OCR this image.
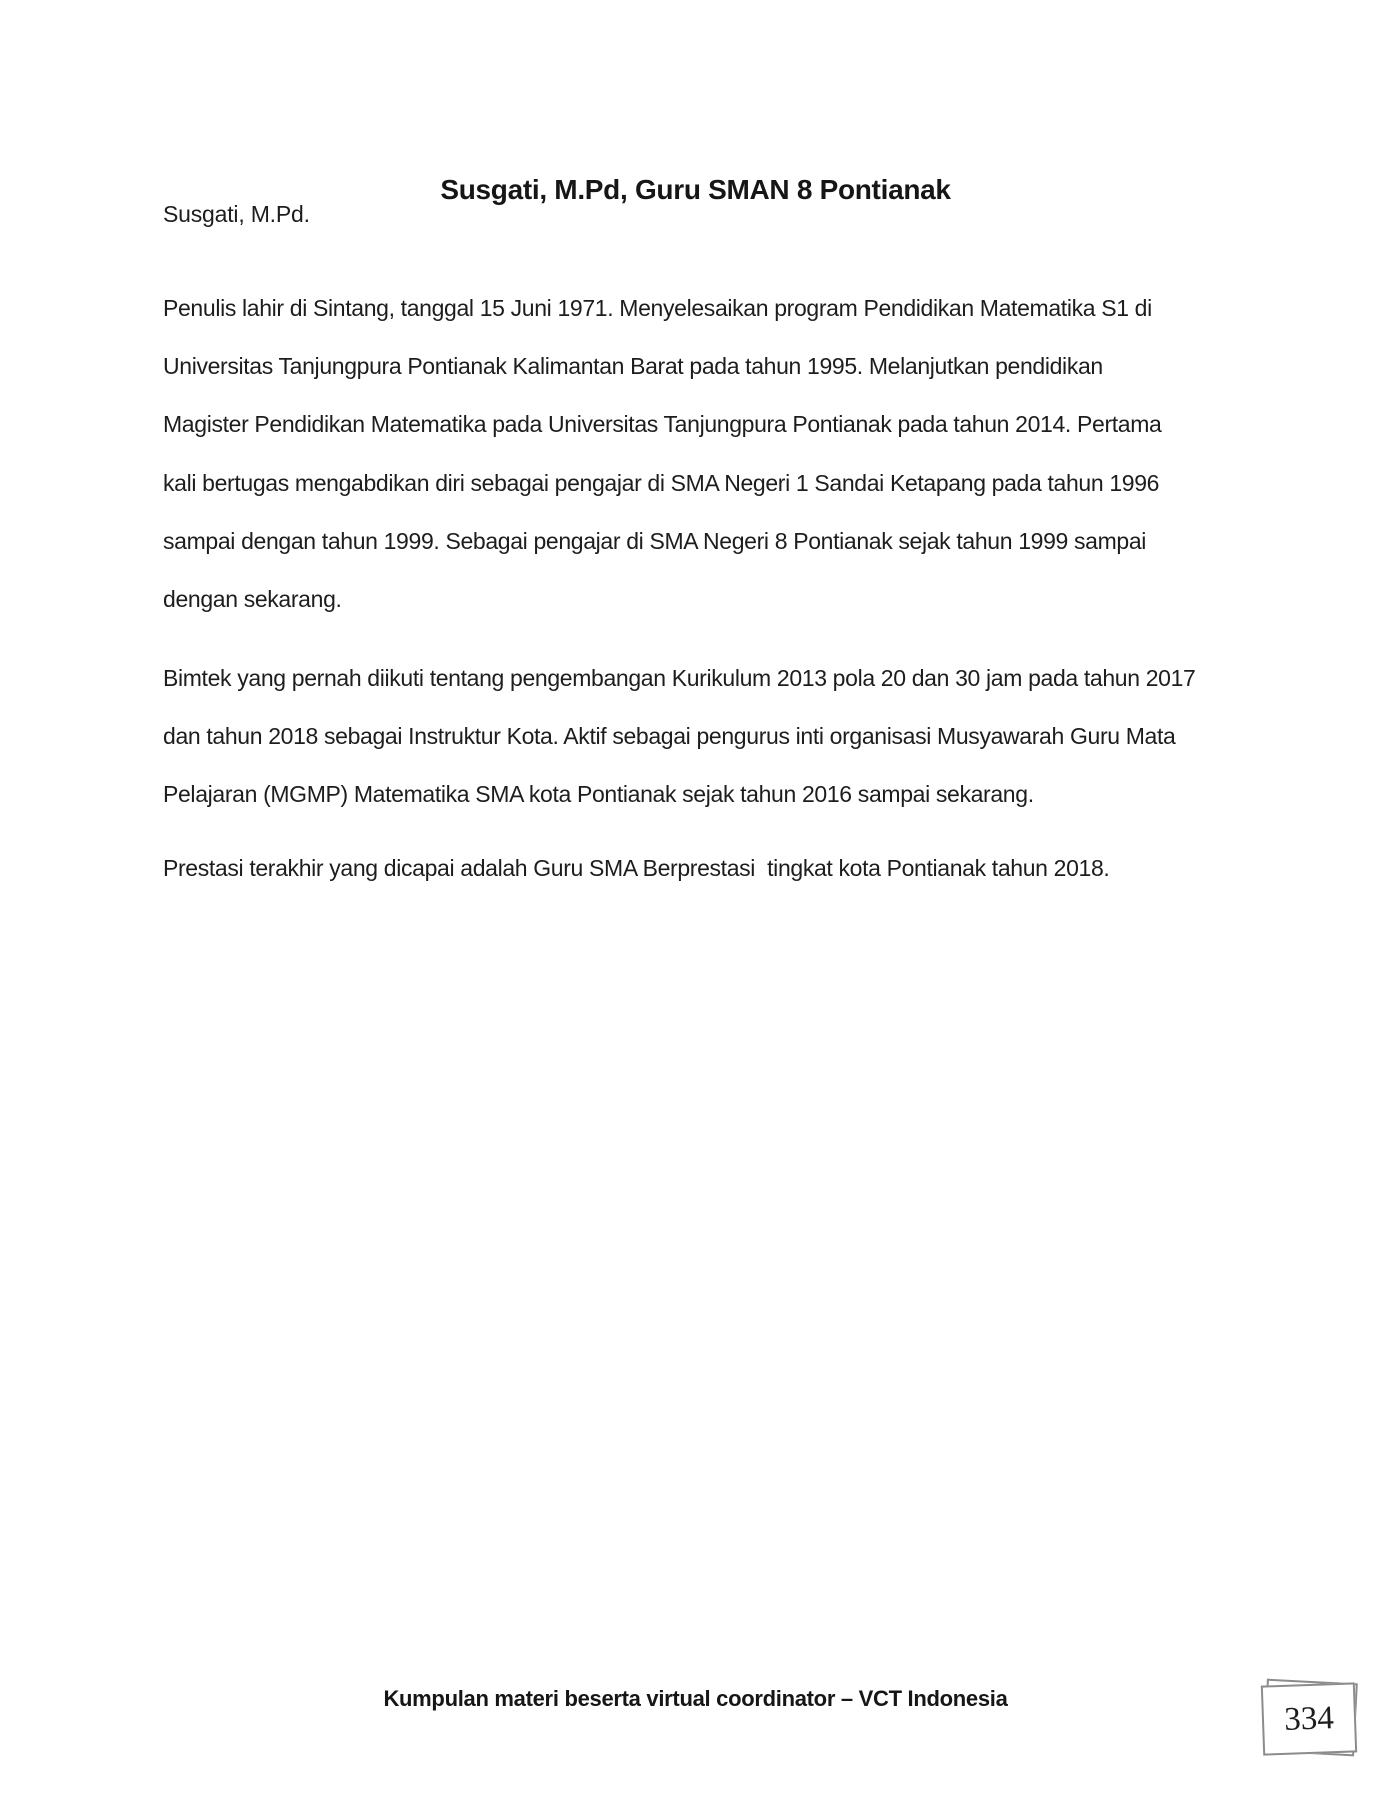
Susgati, M.Pd, Guru SMAN 8 Pontianak
Susgati, M.Pd.
Penulis lahir di Sintang, tanggal 15 Juni 1971. Menyelesaikan program Pendidikan Matematika S1 di
Universitas Tanjungpura Pontianak Kalimantan Barat pada tahun 1995. Melanjutkan pendidikan
Magister Pendidikan Matematika pada Universitas Tanjungpura Pontianak pada tahun 2014. Pertama
kali bertugas mengabdikan diri sebagai pengajar di SMA Negeri 1 Sandai Ketapang pada tahun 1996
sampai dengan tahun 1999. Sebagai pengajar di SMA Negeri 8 Pontianak sejak tahun 1999 sampai
dengan sekarang.
Bimtek yang pernah diikuti tentang pengembangan Kurikulum 2013 pola 20 dan 30 jam pada tahun 2017
dan tahun 2018 sebagai Instruktur Kota. Aktif sebagai pengurus inti organisasi Musyawarah Guru Mata
Pelajaran (MGMP) Matematika SMA kota Pontianak sejak tahun 2016 sampai sekarang.
Prestasi terakhir yang dicapai adalah Guru SMA Berprestasi  tingkat kota Pontianak tahun 2018.
Kumpulan materi beserta virtual coordinator – VCT Indonesia
334
